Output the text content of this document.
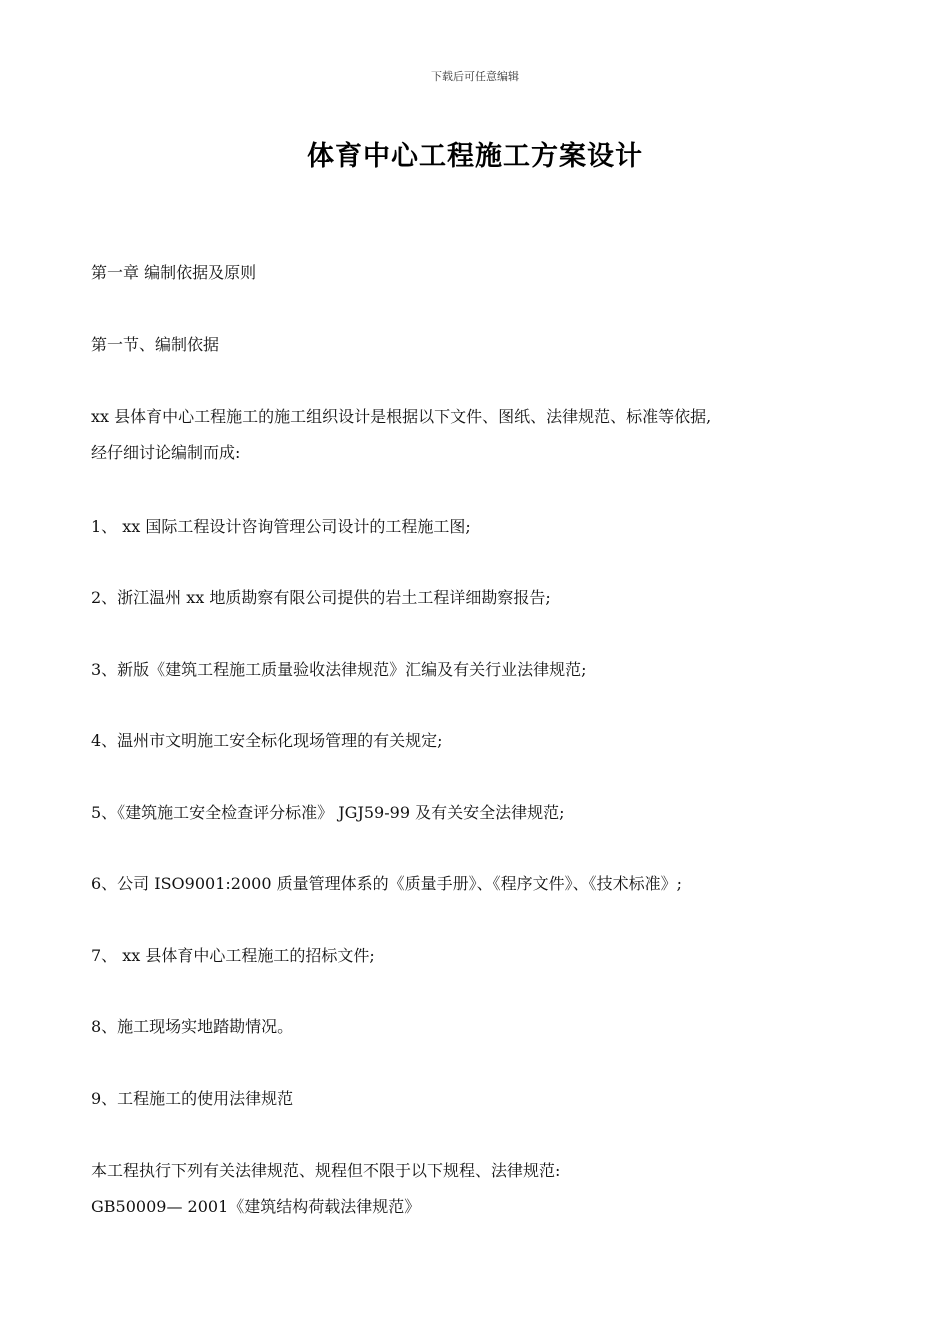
下载后可任意编辑
体育中心工程施工方案设计
第一章 编制依据及原则
第一节、编制依据
xx 县体育中心工程施工的施工组织设计是根据以下文件、图纸、法律规范、标准等依据,
经仔细讨论编制而成:
1、 xx 国际工程设计咨询管理公司设计的工程施工图;
2、浙江温州 xx 地质勘察有限公司提供的岩土工程详细勘察报告;
3、新版《建筑工程施工质量验收法律规范》汇编及有关行业法律规范;
4、温州市文明施工安全标化现场管理的有关规定;
5、《建筑施工安全检查评分标准》 JGJ59-99 及有关安全法律规范;
6、公司 ISO9001:2000 质量管理体系的《质量手册》、《程序文件》、《技术标准》;
7、 xx 县体育中心工程施工的招标文件;
8、施工现场实地踏勘情况。
9、工程施工的使用法律规范
本工程执行下列有关法律规范、规程但不限于以下规程、法律规范:
GB50009— 2001《建筑结构荷载法律规范》
